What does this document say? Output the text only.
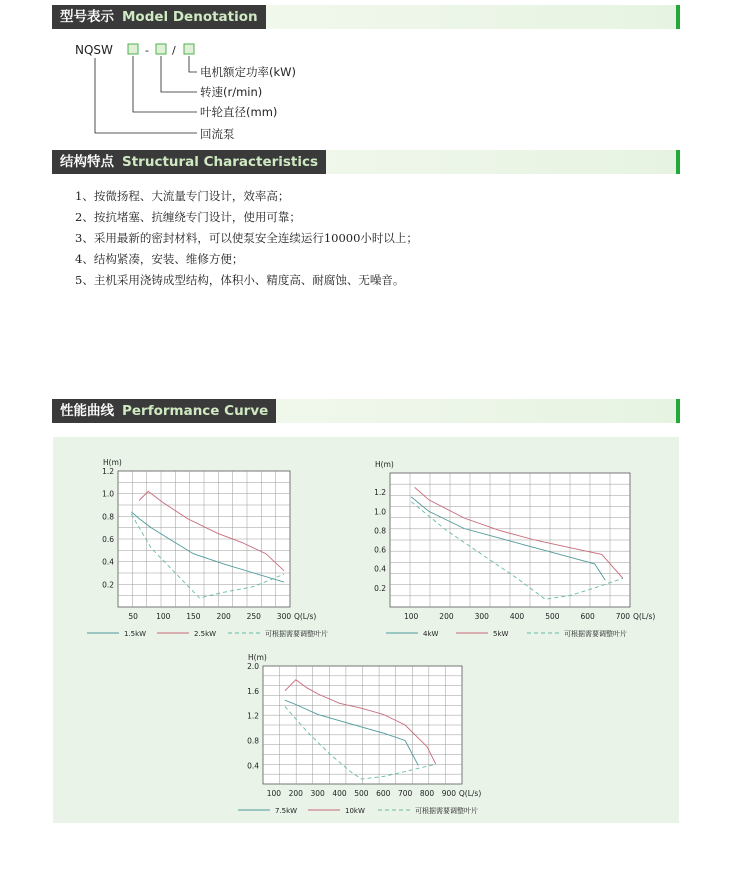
型号表示 Model Denotation
NQSW	- /
电机额定功率(kW)
转速(r/min)
叶轮直径(mm)
回流泵
结构特点 Structural Characteristics
1、按微扬程、大流量专门设计，效率高；
2、按抗堵塞、抗缠绕专门设计，使用可靠；
3、采用最新的密封材料，可以使泵安全连续运行10000小时以上；
4、结构紧凑，安装、维修方便；
5、主机采用浇铸成型结构，体积小、精度高、耐腐蚀、无噪音。
性能曲线 Performance Curve
0.2
0.4
0.6
0.8
1.0
1.2
50 100 150 200 250 300
H(m)
Q(L/s)
1.5kW	2.5kW	可根据需要调整叶片
0.2
0.4
0.6
0.8
1.0
1.2
100	200	300	400	500	600	700
H(m)
Q(L/s)
4kW	5kW	可根据需要调整叶片
0.4
0.8
1.2
1.6
2.0
100 200 300 400 500 600 700 800 900
H(m)
Q(L/s)
7.5kW	10kW	可根据需要调整叶片
